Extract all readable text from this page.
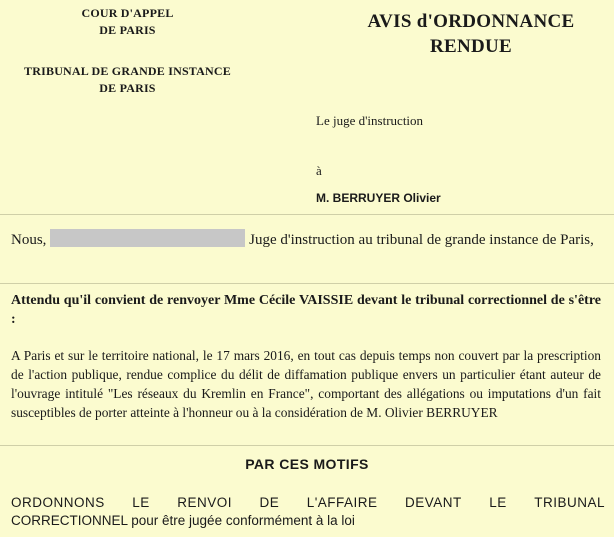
COUR D'APPEL
DE PARIS
TRIBUNAL DE GRANDE INSTANCE
DE PARIS
AVIS d'ORDONNANCE
RENDUE
Le juge d'instruction
à
M. BERRUYER Olivier
Nous,	Juge d'instruction au tribunal de grande instance de Paris,
Attendu qu'il convient de renvoyer Mme Cécile VAISSIE devant le tribunal correctionnel de s'être :
A Paris et sur le territoire national, le 17 mars 2016, en tout cas depuis temps non couvert par la prescription de l'action publique, rendue complice du délit de diffamation publique envers un particulier étant auteur de l'ouvrage intitulé "Les réseaux du Kremlin en France", comportant des allégations ou imputations d'un fait susceptibles de porter atteinte à l'honneur ou à la considération de M. Olivier BERRUYER
PAR CES MOTIFS
ORDONNONS LE RENVOI DE L'AFFAIRE DEVANT LE TRIBUNAL
CORRECTIONNEL pour être jugée conformément à la loi
